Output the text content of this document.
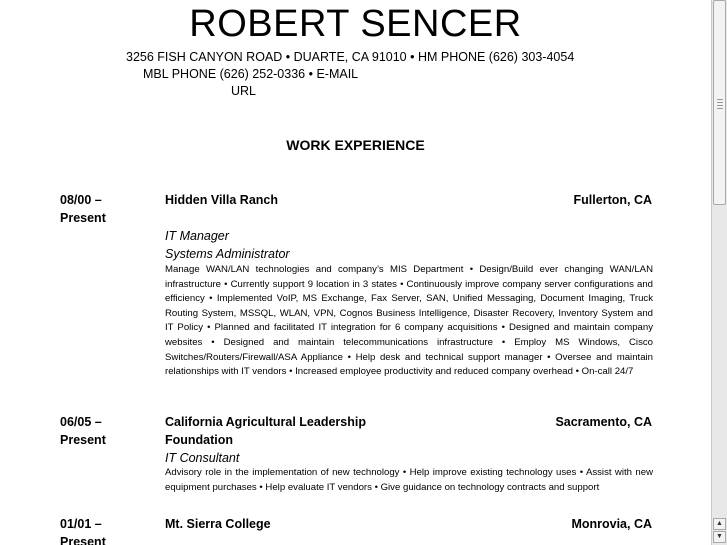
ROBERT SENCER
3256 FISH CANYON ROAD • DUARTE, CA 91010 • HM PHONE (626) 303-4054
MBL PHONE (626) 252-0336 • E-MAIL
URL
WORK EXPERIENCE
08/00 –
Present
Hidden Villa Ranch	Fullerton, CA
IT Manager
Systems Administrator
Manage WAN/LAN technologies and company’s MIS Department • Design/Build ever changing WAN/LAN infrastructure • Currently support 9 location in 3 states • Continuously improve company server configurations and efficiency • Implemented VoIP, MS Exchange, Fax Server, SAN, Unified Messaging, Document Imaging, Truck Routing System, MSSQL, WLAN, VPN, Cognos Business Intelligence, Disaster Recovery, Inventory System and IT Policy • Planned and facilitated IT integration for 6 company acquisitions • Designed and maintain company websites • Designed and maintain telecommunications infrastructure • Employ MS Windows, Cisco Switches/Routers/Firewall/ASA Appliance • Help desk and technical support manager • Oversee and maintain relationships with IT vendors • Increased employee productivity and reduced company overhead • On-call 24/7
06/05 –
Present
California Agricultural Leadership
Foundation
Sacramento, CA
IT Consultant
Advisory role in the implementation of new technology • Help improve existing technology uses • Assist with new equipment purchases • Help evaluate IT vendors • Give guidance on technology contracts and support
01/01 –
Present
Mt. Sierra College	Monrovia, CA	▲
▼
